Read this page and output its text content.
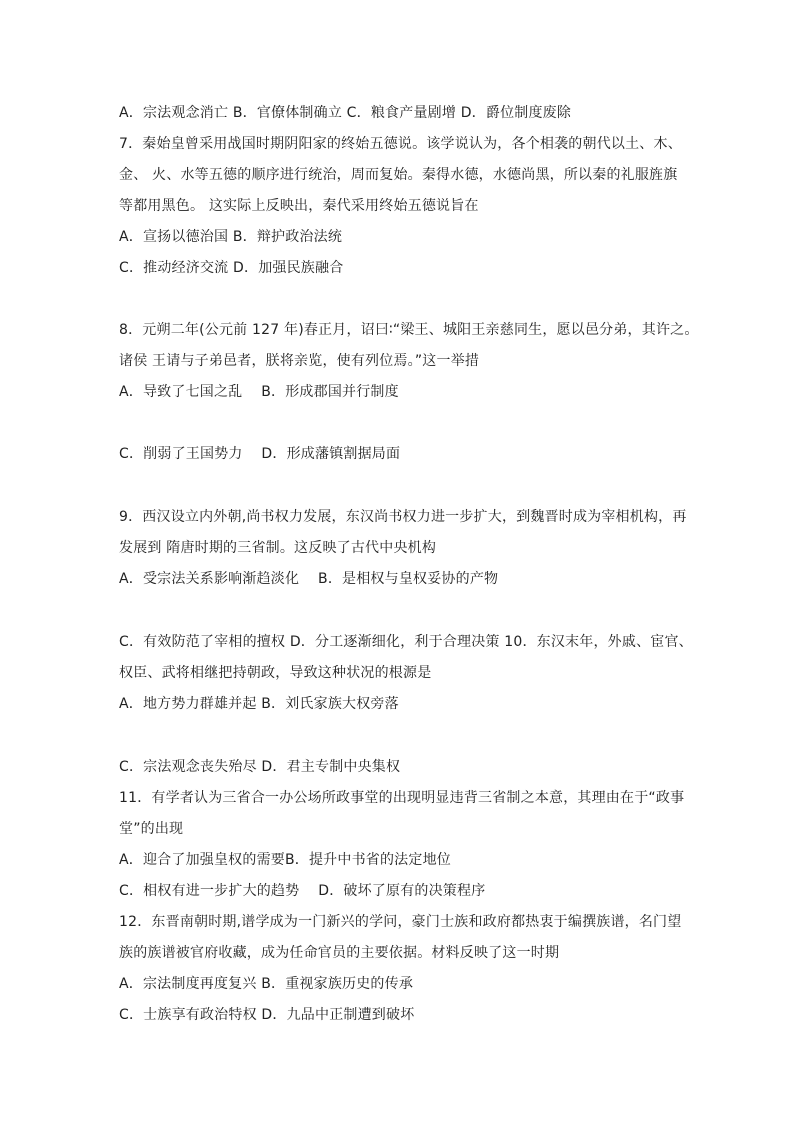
A．宗法观念消亡 B．官僚体制确立 C．粮食产量剧增 D．爵位制度废除
7．秦始皇曾采用战国时期阴阳家的终始五德说。该学说认为，各个相袭的朝代以土、木、
金、 火、水等五德的顺序进行统治，周而复始。秦得水德，水德尚黑，所以秦的礼服旌旗
等都用黑色。 这实际上反映出，秦代采用终始五德说旨在
A．宣扬以德治国 B．辩护政治法统
C．推动经济交流 D．加强民族融合
8．元朔二年(公元前 127 年)春正月，诏曰∶“梁王、城阳王亲慈同生，愿以邑分弟，其许之。
诸侯 王请与子弟邑者，朕将亲览，使有列位焉。”这一举措
A．导致了七国之乱　 B．形成郡国并行制度
C．削弱了王国势力　 D．形成藩镇割据局面
9．西汉设立内外朝,尚书权力发展，东汉尚书权力进一步扩大，到魏晋时成为宰相机构，再
发展到 隋唐时期的三省制。这反映了古代中央机构
A．受宗法关系影响渐趋淡化　 B．是相权与皇权妥协的产物
C．有效防范了宰相的擅权 D．分工逐渐细化，利于合理决策 10．东汉末年，外戚、宦官、
权臣、武将相继把持朝政，导致这种状况的根源是
A．地方势力群雄并起 B．刘氏家族大权旁落
C．宗法观念丧失殆尽 D．君主专制中央集权
11．有学者认为三省合一办公场所政事堂的出现明显违背三省制之本意，其理由在于“政事
堂”的出现
A．迎合了加强皇权的需要B．提升中书省的法定地位
C．相权有进一步扩大的趋势　 D．破坏了原有的决策程序
12．东晋南朝时期,谱学成为一门新兴的学问，豪门士族和政府都热衷于编撰族谱，名门望
族的族谱被官府收藏，成为任命官员的主要依据。材料反映了这一时期
A．宗法制度再度复兴 B．重视家族历史的传承
C．士族享有政治特权 D．九品中正制遭到破坏
